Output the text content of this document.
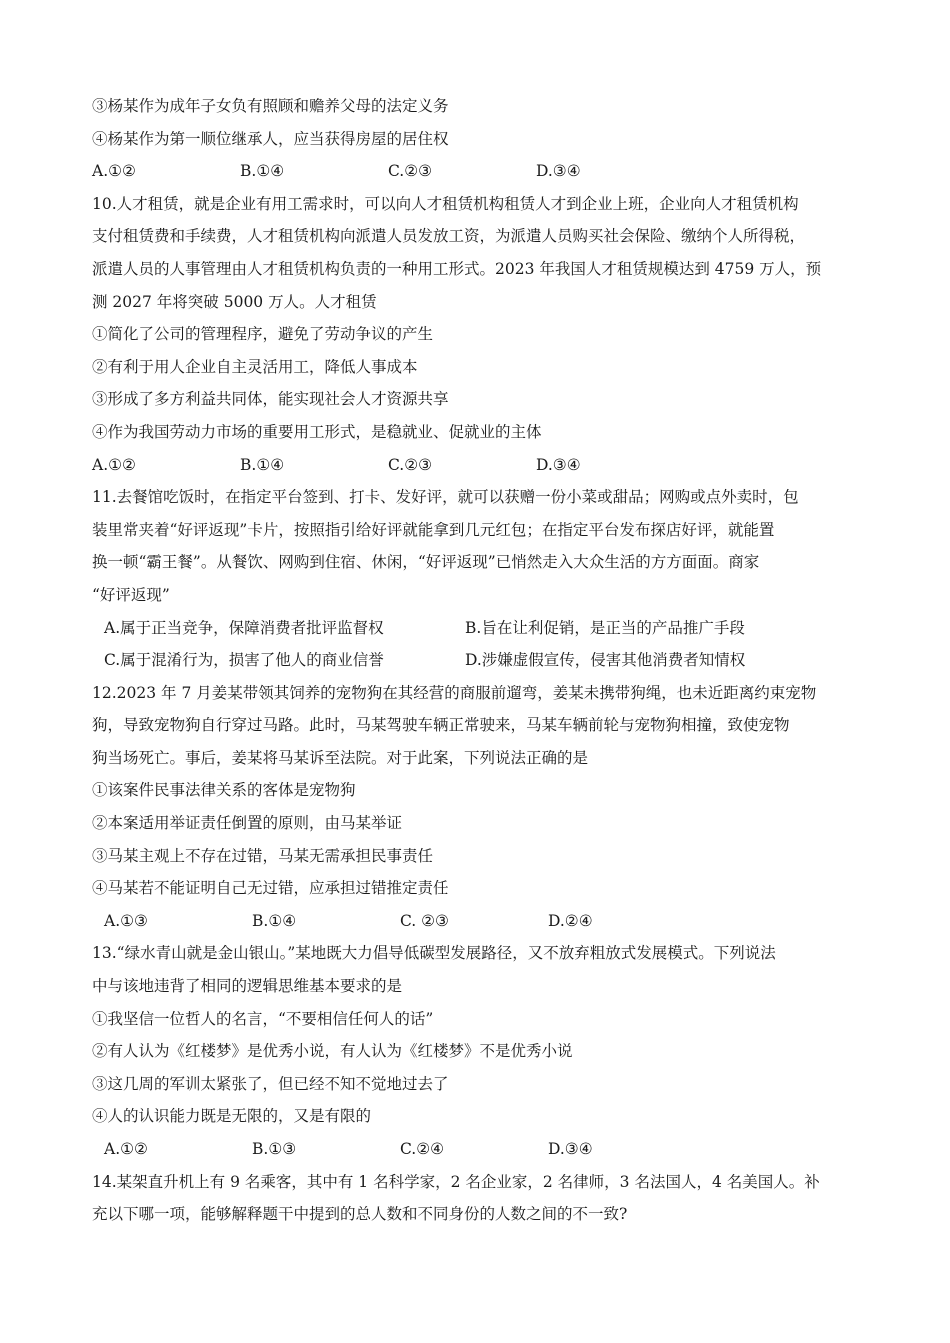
③杨某作为成年子女负有照顾和赡养父母的法定义务
④杨某作为第一顺位继承人，应当获得房屋的居住权
A.①②	B.①④	C.②③	D.③④
10.人才租赁，就是企业有用工需求时，可以向人才租赁机构租赁人才到企业上班，企业向人才租赁机构
支付租赁费和手续费，人才租赁机构向派遣人员发放工资，为派遣人员购买社会保险、缴纳个人所得税，
派遣人员的人事管理由人才租赁机构负责的一种用工形式。2023 年我国人才租赁规模达到 4759 万人，预
测 2027 年将突破 5000 万人。人才租赁
①简化了公司的管理程序，避免了劳动争议的产生
②有利于用人企业自主灵活用工，降低人事成本
③形成了多方利益共同体，能实现社会人才资源共享
④作为我国劳动力市场的重要用工形式，是稳就业、促就业的主体
A.①②	B.①④	C.②③	D.③④
11.去餐馆吃饭时，在指定平台签到、打卡、发好评，就可以获赠一份小菜或甜品；网购或点外卖时，包
装里常夹着“好评返现”卡片，按照指引给好评就能拿到几元红包；在指定平台发布探店好评，就能置
换一顿“霸王餐”。从餐饮、网购到住宿、休闲，“好评返现”已悄然走入大众生活的方方面面。商家
“好评返现”
A.属于正当竞争，保障消费者批评监督权	B.旨在让利促销，是正当的产品推广手段
C.属于混淆行为，损害了他人的商业信誉	D.涉嫌虚假宣传，侵害其他消费者知情权
12.2023 年 7 月姜某带领其饲养的宠物狗在其经营的商服前遛弯，姜某未携带狗绳，也未近距离约束宠物
狗，导致宠物狗自行穿过马路。此时，马某驾驶车辆正常驶来，马某车辆前轮与宠物狗相撞，致使宠物
狗当场死亡。事后，姜某将马某诉至法院。对于此案，下列说法正确的是
①该案件民事法律关系的客体是宠物狗
②本案适用举证责任倒置的原则，由马某举证
③马某主观上不存在过错，马某无需承担民事责任
④马某若不能证明自己无过错，应承担过错推定责任
A.①③	B.①④	C. ②③	D.②④
13.“绿水青山就是金山银山。”某地既大力倡导低碳型发展路径，又不放弃粗放式发展模式。下列说法
中与该地违背了相同的逻辑思维基本要求的是
①我坚信一位哲人的名言，“不要相信任何人的话”
②有人认为《红楼梦》是优秀小说，有人认为《红楼梦》不是优秀小说
③这几周的军训太紧张了，但已经不知不觉地过去了
④人的认识能力既是无限的，又是有限的
A.①②	B.①③	C.②④	D.③④
14.某架直升机上有 9 名乘客，其中有 1 名科学家，2 名企业家，2 名律师，3 名法国人，4 名美国人。补
充以下哪一项，能够解释题干中提到的总人数和不同身份的人数之间的不一致?
